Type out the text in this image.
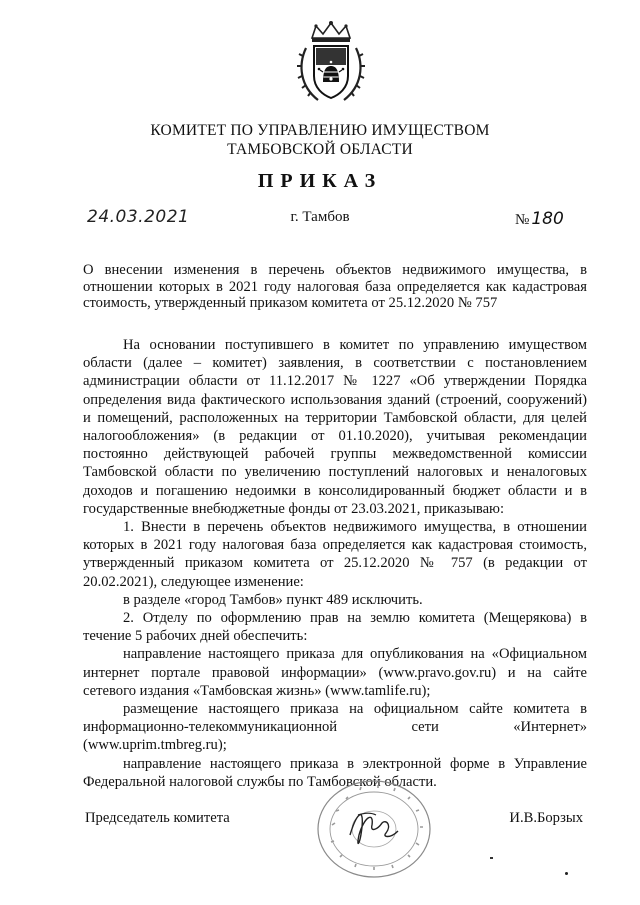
КОМИТЕТ ПО УПРАВЛЕНИЮ ИМУЩЕСТВОМ
ТАМБОВСКОЙ ОБЛАСТИ
ПРИКАЗ
24.03.2021	г. Тамбов	№ 180
О внесении изменения в перечень объектов недвижимого имущества, в отношении которых в 2021 году налоговая база определяется как кадастровая стоимость, утвержденный приказом комитета от 25.12.2020 № 757

На основании поступившего в комитет по управлению имуществом области (далее – комитет) заявления, в соответствии с постановлением администрации области от 11.12.2017 № 1227 «Об утверждении Порядка определения вида фактического использования зданий (строений, сооружений) и помещений, расположенных на территории Тамбовской области, для целей налогообложения» (в редакции от 01.10.2020), учитывая рекомендации постоянно действующей рабочей группы межведомственной комиссии Тамбовской области по увеличению поступлений налоговых и неналоговых доходов и погашению недоимки в консолидированный бюджет области и в государственные внебюджетные фонды от 23.03.2021, приказываю:

1. Внести в перечень объектов недвижимого имущества, в отношении которых в 2021 году налоговая база определяется как кадастровая стоимость, утвержденный приказом комитета от 25.12.2020 № 757 (в редакции от 20.02.2021), следующее изменение:

в разделе «город Тамбов» пункт 489 исключить.

2. Отделу по оформлению прав на землю комитета (Мещерякова) в течение 5 рабочих дней обеспечить:

направление настоящего приказа для опубликования на «Официальном интернет портале правовой информации» (www.pravo.gov.ru) и на сайте сетевого издания «Тамбовская жизнь» (www.tamlife.ru);

размещение настоящего приказа на официальном сайте комитета в информационно-телекоммуникационной сети «Интернет» (www.uprim.tmbreg.ru);

направление настоящего приказа в электронной форме в Управление Федеральной налоговой службы по Тамбовской области.

Председатель комитета	И.В.Борзых
